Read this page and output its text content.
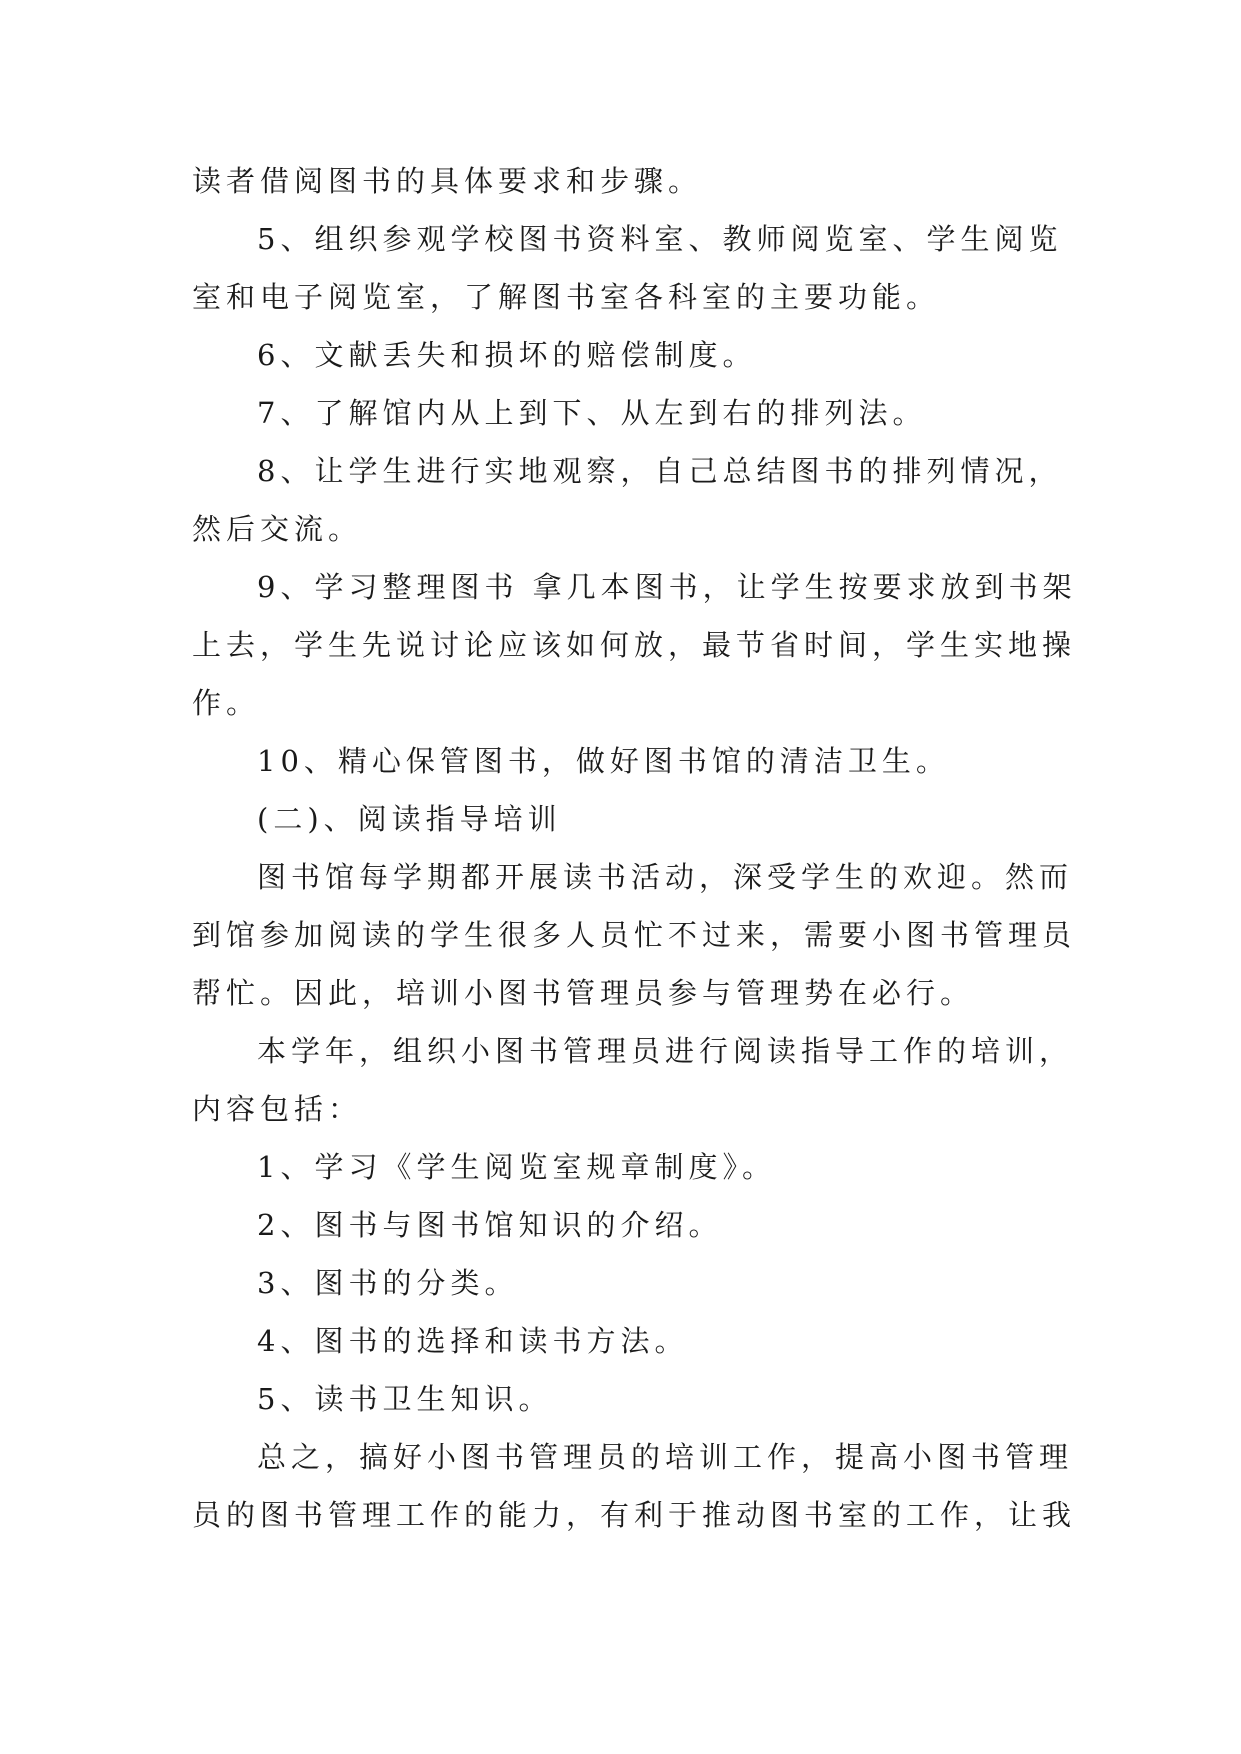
读者借阅图书的具体要求和步骤。

5、组织参观学校图书资料室、教师阅览室、学生阅览

室和电子阅览室，了解图书室各科室的主要功能。

6、文献丢失和损坏的赔偿制度。

7、了解馆内从上到下、从左到右的排列法。

8、让学生进行实地观察，自己总结图书的排列情况，

然后交流。

9、学习整理图书 拿几本图书，让学生按要求放到书架

上去，学生先说讨论应该如何放，最节省时间，学生实地操

作。

10、精心保管图书，做好图书馆的清洁卫生。

(二)、阅读指导培训

图书馆每学期都开展读书活动，深受学生的欢迎。然而

到馆参加阅读的学生很多人员忙不过来，需要小图书管理员

帮忙。因此，培训小图书管理员参与管理势在必行。

本学年，组织小图书管理员进行阅读指导工作的培训，

内容包括：

1、学习《学生阅览室规章制度》。

2、图书与图书馆知识的介绍。

3、图书的分类。

4、图书的选择和读书方法。

5、读书卫生知识。

总之，搞好小图书管理员的培训工作，提高小图书管理

员的图书管理工作的能力，有利于推动图书室的工作，让我
